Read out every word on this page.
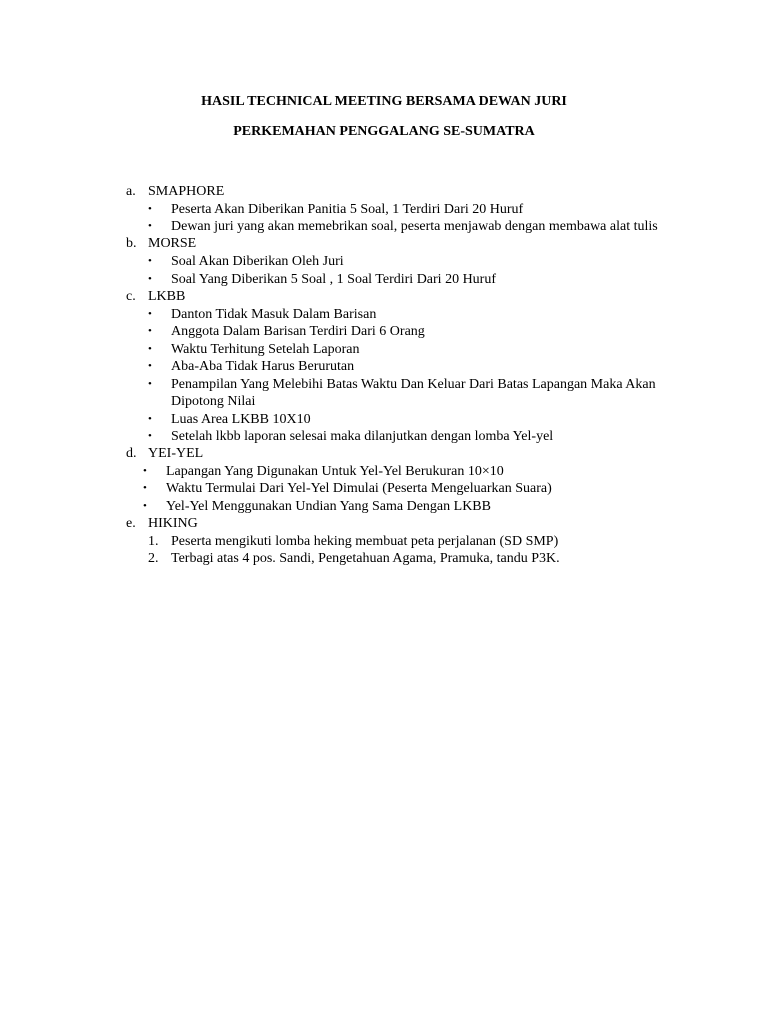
HASIL TECHNICAL MEETING BERSAMA DEWAN JURI
PERKEMAHAN PENGGALANG SE-SUMATRA
a. SMAPHORE
•	Peserta Akan Diberikan Panitia 5 Soal, 1 Terdiri Dari 20 Huruf
•	Dewan juri yang akan memebrikan soal, peserta menjawab dengan membawa alat tulis
b. MORSE
•	Soal Akan Diberikan Oleh Juri
•	Soal Yang Diberikan 5 Soal , 1 Soal Terdiri Dari 20 Huruf
c. LKBB
•	Danton Tidak Masuk Dalam Barisan
•	Anggota Dalam Barisan Terdiri Dari 6 Orang
•	Waktu Terhitung Setelah Laporan
•	Aba-Aba Tidak Harus Berurutan
•	Penampilan Yang Melebihi Batas Waktu Dan Keluar Dari Batas Lapangan Maka Akan Dipotong Nilai
•	Luas Area LKBB 10X10
•	Setelah lkbb laporan selesai maka dilanjutkan dengan lomba Yel-yel
d. YEI-YEL
•	Lapangan Yang Digunakan Untuk Yel-Yel Berukuran 10×10
•	Waktu Termulai Dari Yel-Yel Dimulai (Peserta Mengeluarkan Suara)
•	Yel-Yel Menggunakan Undian Yang Sama Dengan LKBB
e. HIKING
1. Peserta mengikuti lomba heking membuat peta perjalanan (SD SMP)
2. Terbagi atas 4 pos. Sandi, Pengetahuan Agama, Pramuka, tandu P3K.
